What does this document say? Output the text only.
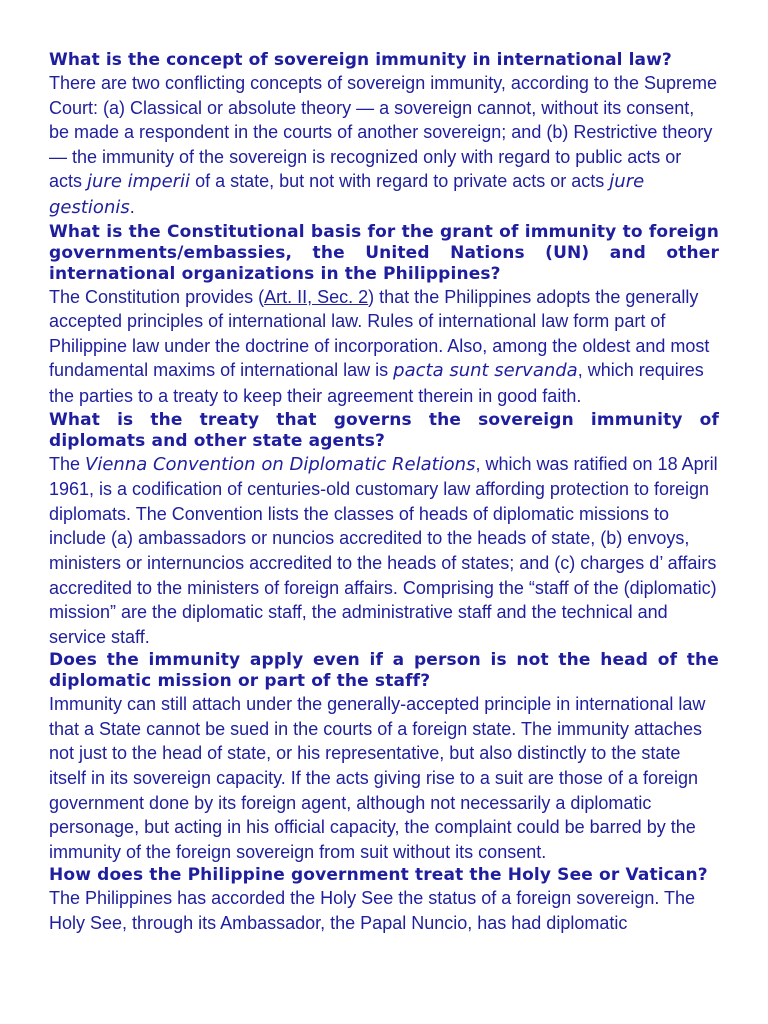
What is the concept of sovereign immunity in international law?

There are two conflicting concepts of sovereign immunity, according to the Supreme Court: (a) Classical or absolute theory — a sovereign cannot, without its consent, be made a respondent in the courts of another sovereign; and (b) Restrictive theory — the immunity of the sovereign is recognized only with regard to public acts or acts jure imperii of a state, but not with regard to private acts or acts jure gestionis.

What is the Constitutional basis for the grant of immunity to foreign governments/embassies, the United Nations (UN) and other international organizations in the Philippines?

The Constitution provides (Art. II, Sec. 2) that the Philippines adopts the generally accepted principles of international law. Rules of international law form part of Philippine law under the doctrine of incorporation. Also, among the oldest and most fundamental maxims of international law is pacta sunt servanda, which requires the parties to a treaty to keep their agreement therein in good faith.

What is the treaty that governs the sovereign immunity of diplomats and other state agents?

The Vienna Convention on Diplomatic Relations, which was ratified on 18 April 1961, is a codification of centuries-old customary law affording protection to foreign diplomats. The Convention lists the classes of heads of diplomatic missions to include (a) ambassadors or nuncios accredited to the heads of state, (b) envoys, ministers or internuncios accredited to the heads of states; and (c) charges d’ affairs accredited to the ministers of foreign affairs. Comprising the “staff of the (diplomatic) mission” are the diplomatic staff, the administrative staff and the technical and service staff.

Does the immunity apply even if a person is not the head of the diplomatic mission or part of the staff?

Immunity can still attach under the generally-accepted principle in international law that a State cannot be sued in the courts of a foreign state. The immunity attaches not just to the head of state, or his representative, but also distinctly to the state itself in its sovereign capacity. If the acts giving rise to a suit are those of a foreign government done by its foreign agent, although not necessarily a diplomatic personage, but acting in his official capacity, the complaint could be barred by the immunity of the foreign sovereign from suit without its consent.

How does the Philippine government treat the Holy See or Vatican?

The Philippines has accorded the Holy See the status of a foreign sovereign. The Holy See, through its Ambassador, the Papal Nuncio, has had diplomatic
